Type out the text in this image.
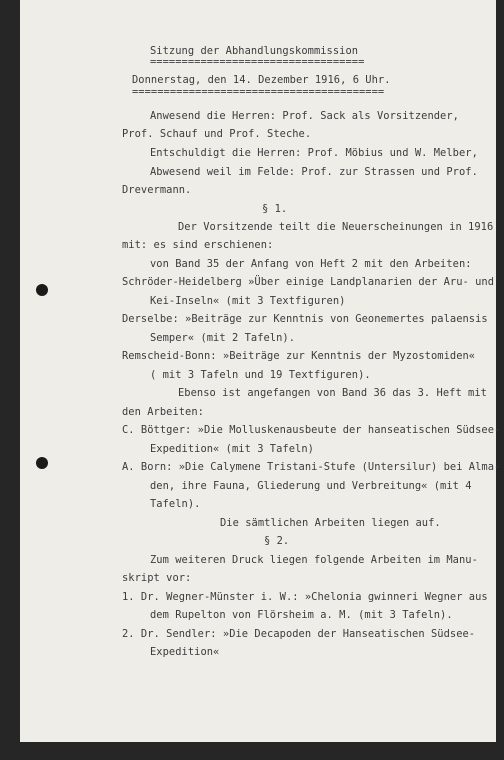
Sitzung der Abhandlungskommission
==================================
Donnerstag, den 14. Dezember 1916, 6 Uhr.
========================================
Anwesend die Herren: Prof. Sack als Vorsitzender,
Prof. Schauf und Prof. Steche.
Entschuldigt die Herren: Prof. Möbius und W. Melber,
Abwesend weil im Felde: Prof. zur Strassen und Prof.
Drevermann.
§ 1.
Der Vorsitzende teilt die Neuerscheinungen in 1916
mit: es sind erschienen:
von Band 35 der Anfang von Heft 2 mit den Arbeiten:
Schröder-Heidelberg »Über einige Landplanarien der Aru- und
Kei-Inseln« (mit 3 Textfiguren)
Derselbe: »Beiträge zur Kenntnis von Geonemertes palaensis
Semper« (mit 2 Tafeln).
Remscheid-Bonn: »Beiträge zur Kenntnis der Myzostomiden«
( mit 3 Tafeln und 19 Textfiguren).
Ebenso ist angefangen von Band 36 das 3. Heft mit
den Arbeiten:
C. Böttger: »Die Molluskenausbeute der hanseatischen Südsee-
Expedition« (mit 3 Tafeln)
A. Born: »Die Calymene Tristani-Stufe (Untersilur) bei Alma-
den, ihre Fauna, Gliederung und Verbreitung« (mit 4
Tafeln).
Die sämtlichen Arbeiten liegen auf.
§ 2.
Zum weiteren Druck liegen folgende Arbeiten im Manu-
skript vor:
1. Dr. Wegner-Münster i. W.: »Chelonia gwinneri Wegner aus
dem Rupelton von Flörsheim a. M. (mit 3 Tafeln).
2. Dr. Sendler: »Die Decapoden der Hanseatischen Südsee-
Expedition«
